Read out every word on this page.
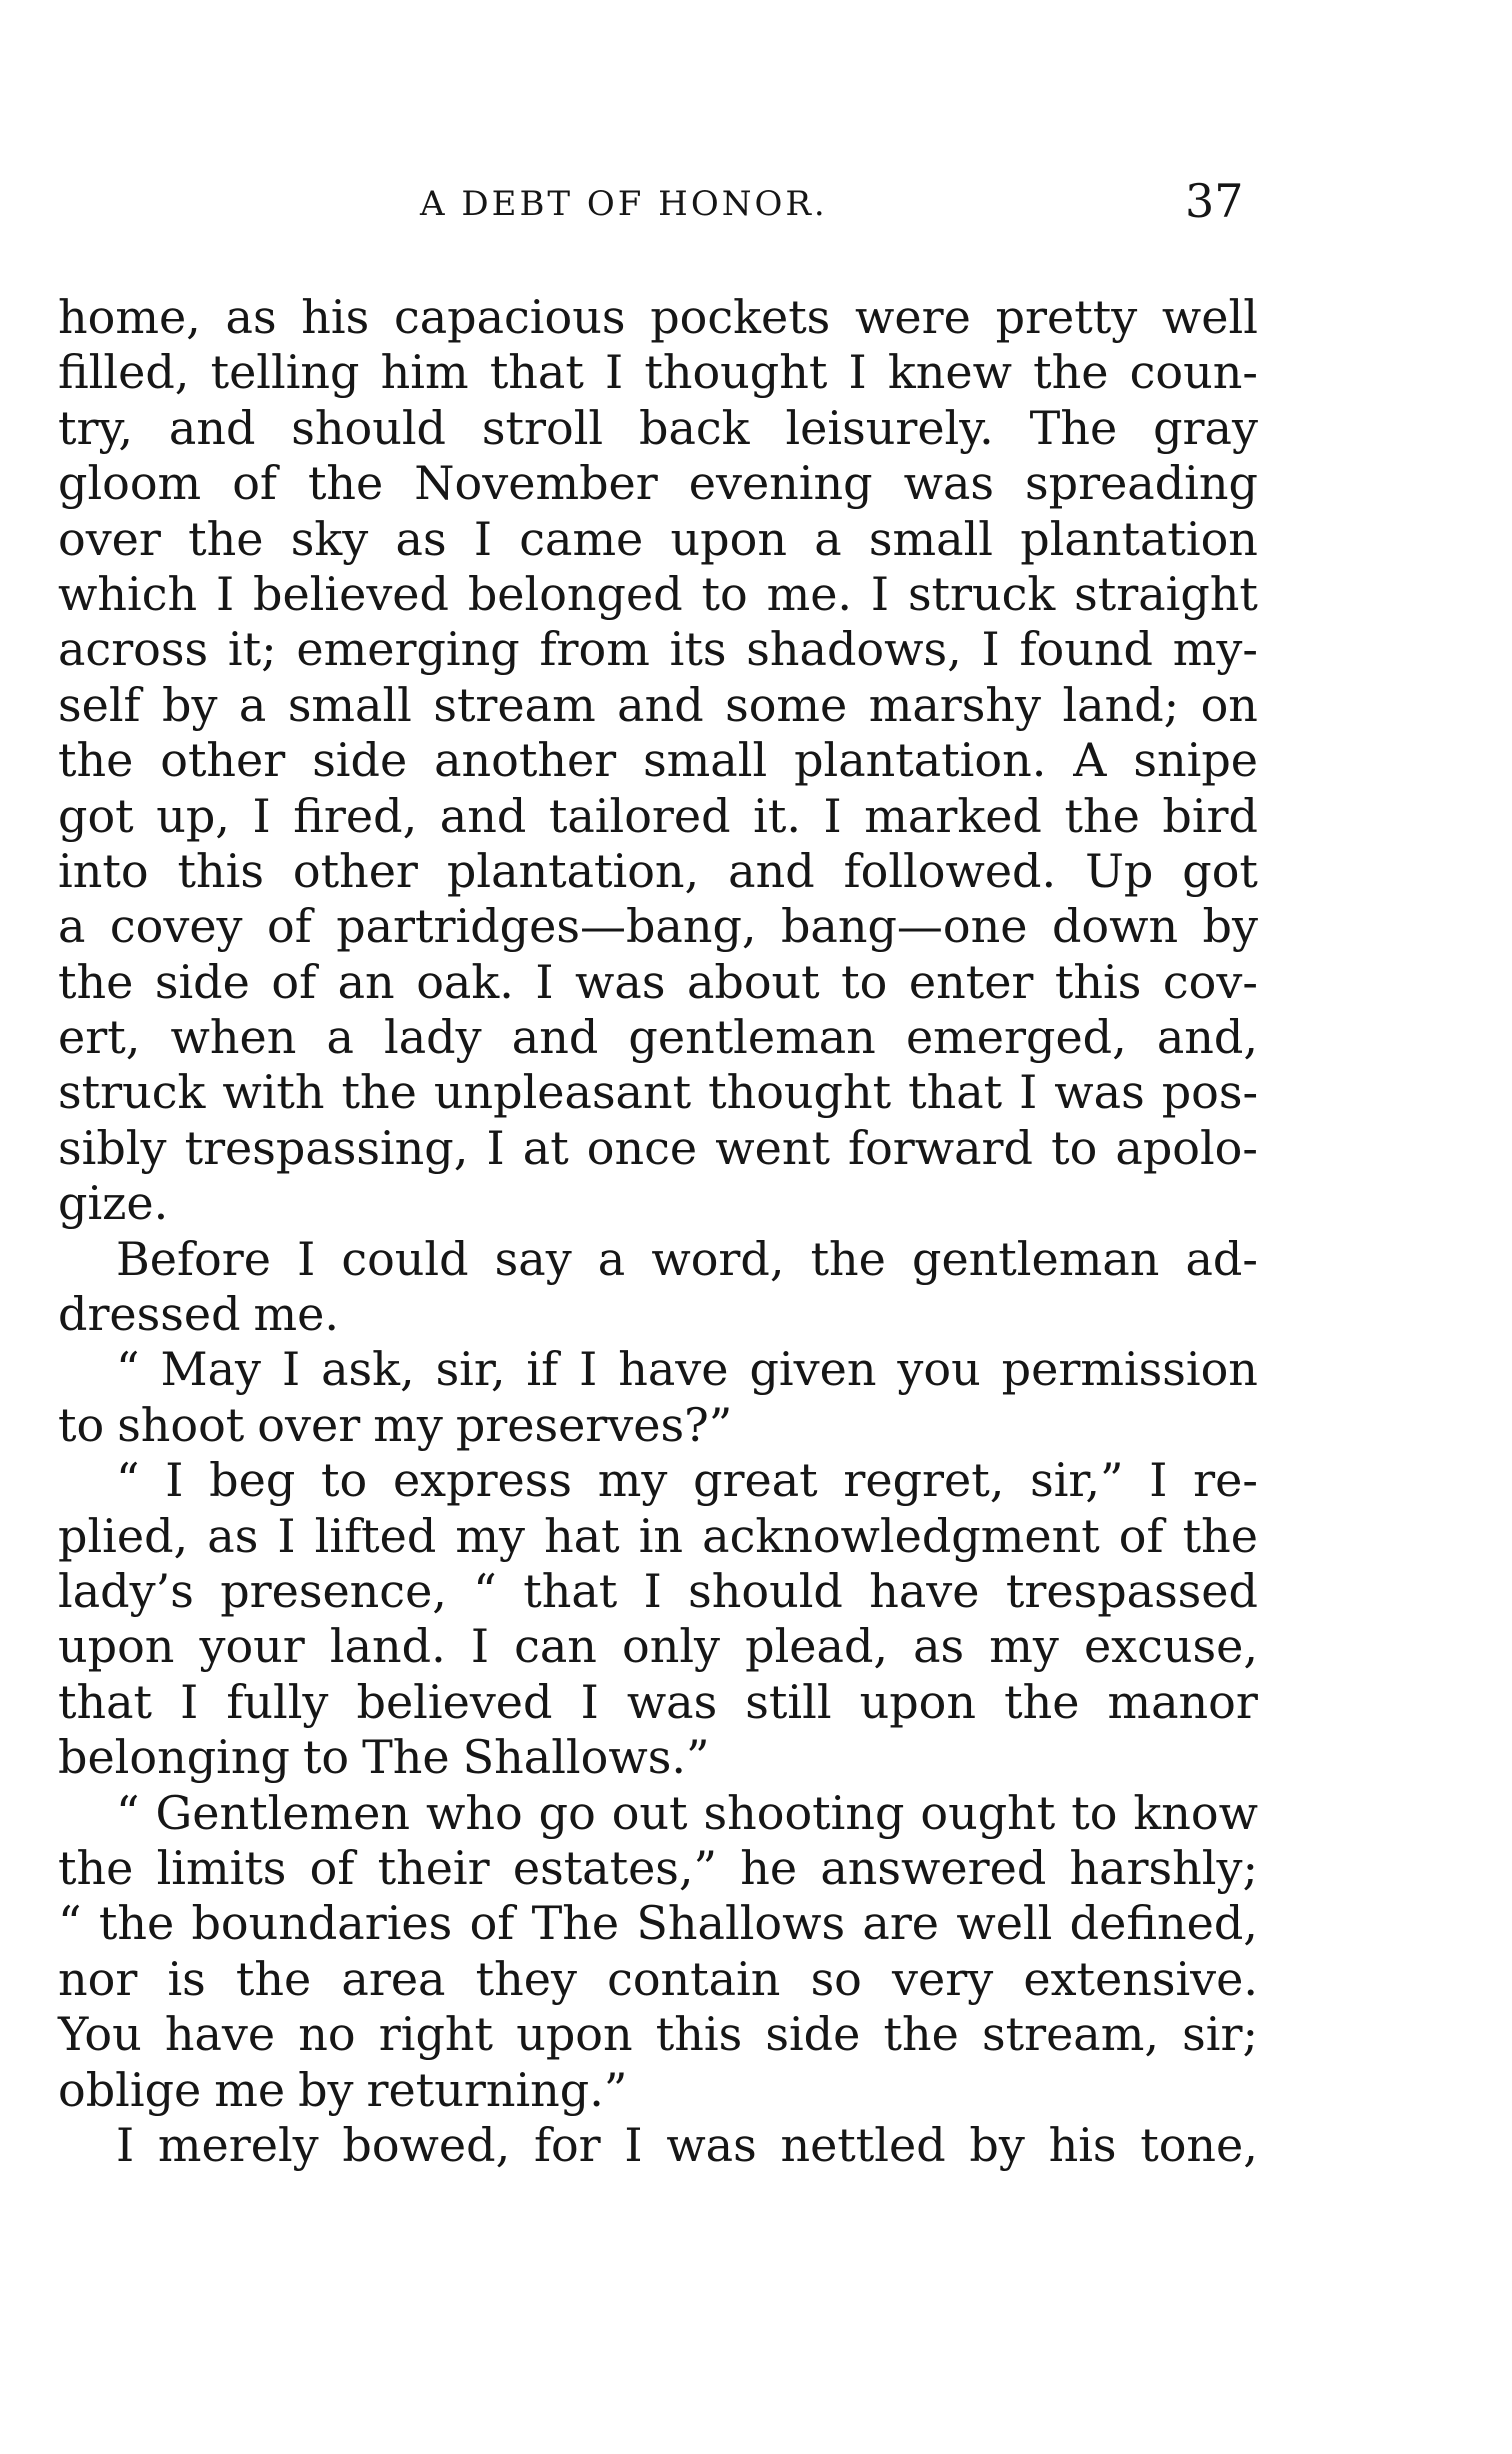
A DEBT OF HONOR.	37
home, as his capacious pockets were pretty well
filled, telling him that I thought I knew the coun-
try, and should stroll back leisurely. The gray
gloom of the November evening was spreading
over the sky as I came upon a small plantation
which I believed belonged to me. I struck straight
across it; emerging from its shadows, I found my-
self by a small stream and some marshy land; on
the other side another small plantation. A snipe
got up, I fired, and tailored it. I marked the bird
into this other plantation, and followed. Up got
a covey of partridges—bang, bang—one down by
the side of an oak. I was about to enter this cov-
ert, when a lady and gentleman emerged, and,
struck with the unpleasant thought that I was pos-
sibly trespassing, I at once went forward to apolo-
gize.
Before I could say a word, the gentleman ad-
dressed me.
“ May I ask, sir, if I have given you permission
to shoot over my preserves?”
“ I beg to express my great regret, sir,” I re-
plied, as I lifted my hat in acknowledgment of the
lady’s presence, “ that I should have trespassed
upon your land. I can only plead, as my excuse,
that I fully believed I was still upon the manor
belonging to The Shallows.”
“ Gentlemen who go out shooting ought to know
the limits of their estates,” he answered harshly;
“ the boundaries of The Shallows are well defined,
nor is the area they contain so very extensive.
You have no right upon this side the stream, sir;
oblige me by returning.”
I merely bowed, for I was nettled by his tone,
